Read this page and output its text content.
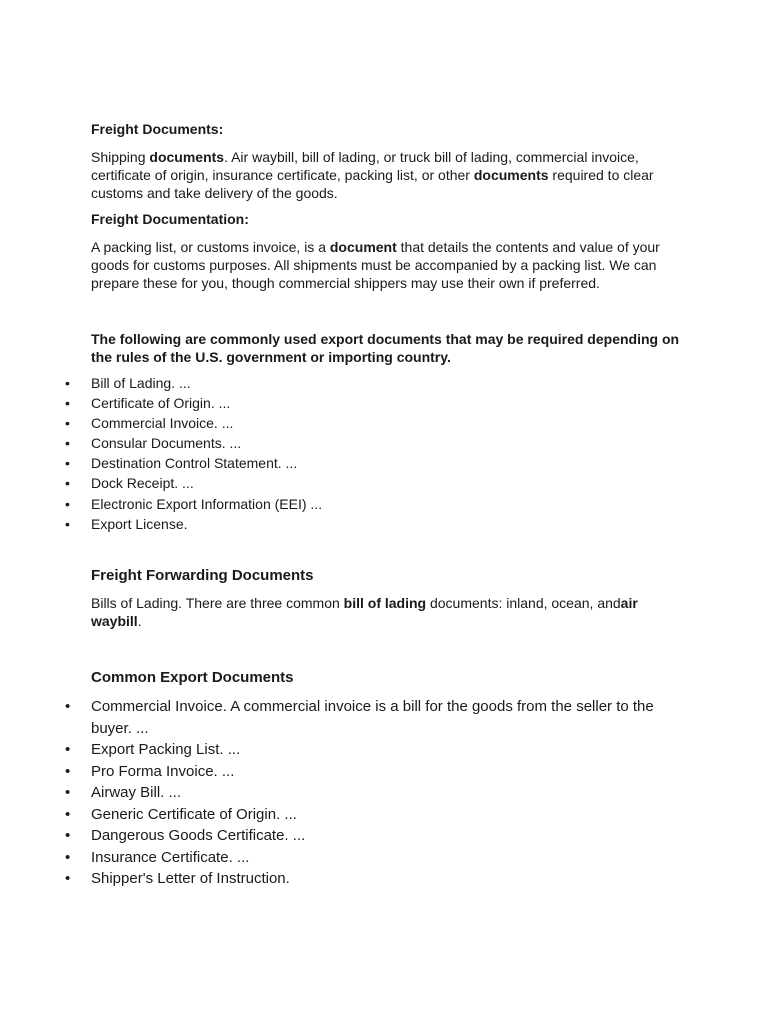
Freight Documents:

Shipping documents. Air waybill, bill of lading, or truck bill of lading, commercial invoice, certificate of origin, insurance certificate, packing list, or other documents required to clear customs and take delivery of the goods.

Freight Documentation:

A packing list, or customs invoice, is a document that details the contents and value of your goods for customs purposes. All shipments must be accompanied by a packing list. We can prepare these for you, though commercial shippers may use their own if preferred.

The following are commonly used export documents that may be required depending on the rules of the U.S. government or importing country.
• Bill of Lading. ...
• Certificate of Origin. ...
• Commercial Invoice. ...
• Consular Documents. ...
• Destination Control Statement. ...
• Dock Receipt. ...
• Electronic Export Information (EEI) ...
• Export License.
Freight Forwarding Documents

Bills of Lading. There are three common bill of lading documents: inland, ocean, andair waybill.

Common Export Documents
• Commercial Invoice. A commercial invoice is a bill for the goods from the seller to the buyer. ...
• Export Packing List. ...
• Pro Forma Invoice. ...
• Airway Bill. ...
• Generic Certificate of Origin. ...
• Dangerous Goods Certificate. ...
• Insurance Certificate. ...
• Shipper's Letter of Instruction.
